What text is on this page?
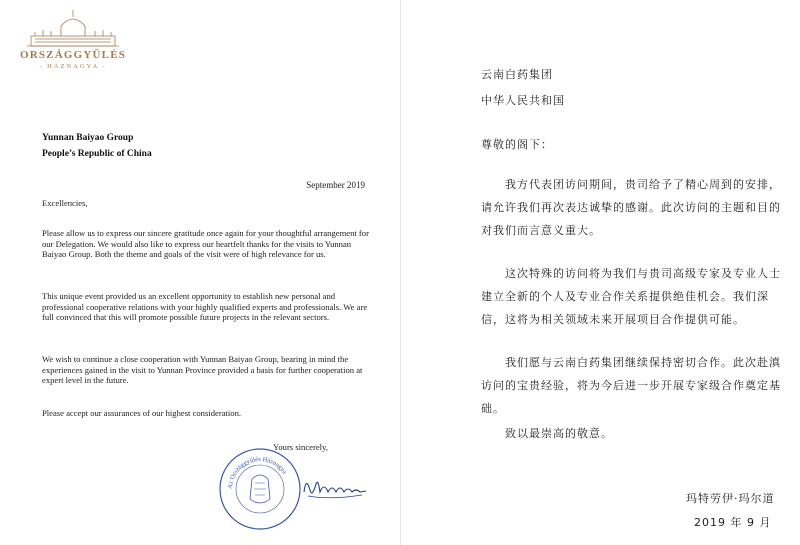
ORSZÁGGYŰLÉS
- HÁZNAGYA -
Yunnan Baiyao Group
People’s Republic of China
September 2019
Excellencies,
Please allow us to express our sincere gratitude once again for your thoughtful arrangement for our Delegation. We would also like to express our heartfelt thanks for the visits to Yunnan Baiyao Group. Both the theme and goals of the visit were of high relevance for us.
This unique event provided us an excellent opportunity to establish new personal and professional cooperative relations with your highly qualified experts and professionals. We are full convinced that this will promote possible future projects in the relevant sectors.
We wish to continue a close cooperation with Yunnan Baiyao Group, bearing in mind the experiences gained in the visit to Yunnan Province provided a basis for further cooperation at expert level in the future.
Please accept our assurances of our highest consideration.
Yours sincerely,
Az Országgyűlés Háznagya
云南白药集团
中华人民共和国
尊敬的阁下：
我方代表团访问期间，贵司给予了精心周到的安排，请允许我们再次表达诚挚的感谢。此次访问的主题和目的对我们而言意义重大。
这次特殊的访问将为我们与贵司高级专家及专业人士建立全新的个人及专业合作关系提供绝佳机会。我们深信，这将为相关领域未来开展项目合作提供可能。
我们愿与云南白药集团继续保持密切合作。此次赴滇访问的宝贵经验，将为今后进一步开展专家级合作奠定基础。
致以最崇高的敬意。
玛特劳伊·玛尔道
2019 年 9 月
